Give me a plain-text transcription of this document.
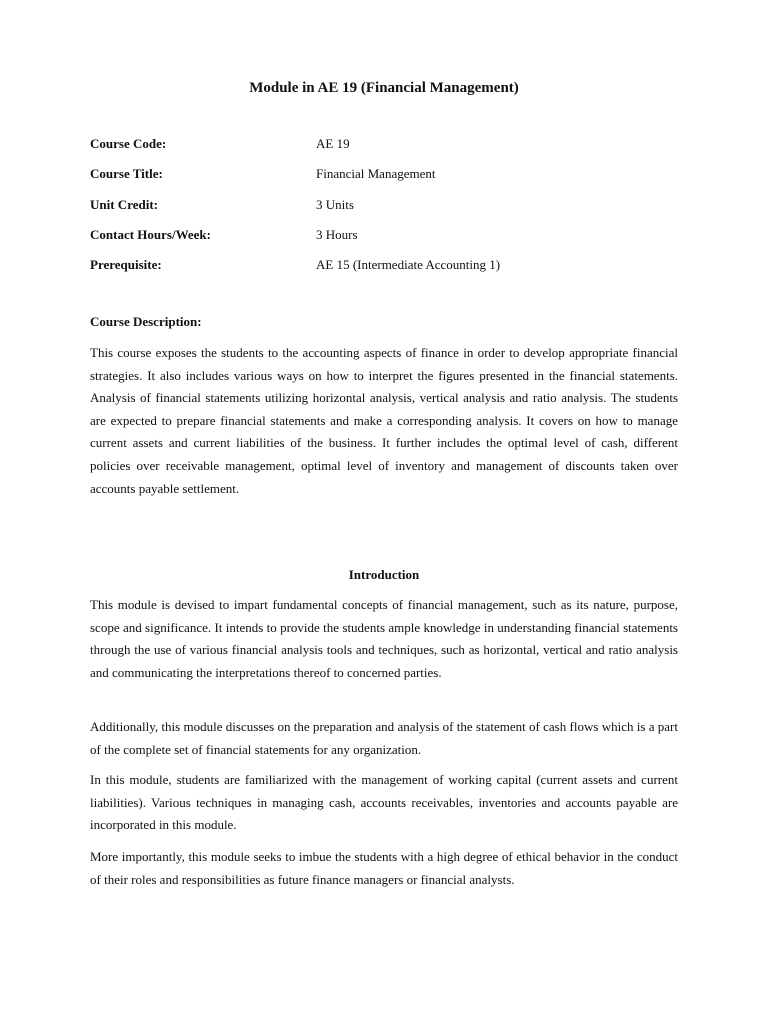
Module in AE 19 (Financial Management)
Course Code:	AE 19
Course Title:	Financial Management
Unit Credit:	3 Units
Contact Hours/Week:	3 Hours
Prerequisite:	AE 15 (Intermediate Accounting 1)
Course Description:

This course exposes the students to the accounting aspects of finance in order to develop appropriate financial strategies. It also includes various ways on how to interpret the figures presented in the financial statements. Analysis of financial statements utilizing horizontal analysis, vertical analysis and ratio analysis. The students are expected to prepare financial statements and make a corresponding analysis. It covers on how to manage current assets and current liabilities of the business. It further includes the optimal level of cash, different policies over receivable management, optimal level of inventory and management of discounts taken over accounts payable settlement.

Introduction

This module is devised to impart fundamental concepts of financial management, such as its nature, purpose, scope and significance. It intends to provide the students ample knowledge in understanding financial statements through the use of various financial analysis tools and techniques, such as horizontal, vertical and ratio analysis and communicating the interpretations thereof to concerned parties.

Additionally, this module discusses on the preparation and analysis of the statement of cash flows which is a part of the complete set of financial statements for any organization.

In this module, students are familiarized with the management of working capital (current assets and current liabilities). Various techniques in managing cash, accounts receivables, inventories and accounts payable are incorporated in this module.

More importantly, this module seeks to imbue the students with a high degree of ethical behavior in the conduct of their roles and responsibilities as future finance managers or financial analysts.
